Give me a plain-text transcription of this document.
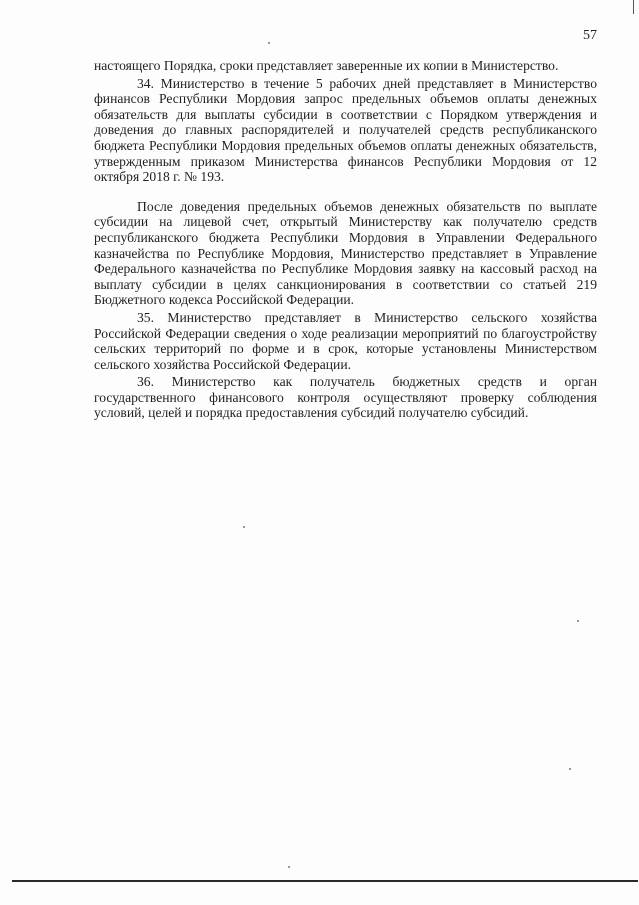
57

настоящего Порядка, сроки представляет заверенные их копии в Министерство.

34. Министерство в течение 5 рабочих дней представляет в Министерство финансов Республики Мордовия запрос предельных объемов оплаты денежных обязательств для выплаты субсидии в соответствии с Порядком утверждения и доведения до главных распорядителей и получателей средств республиканского бюджета Республики Мордовия предельных объемов оплаты денежных обязательств, утвержденным приказом Министерства финансов Республики Мордовия от 12 октября 2018 г. № 193.

После доведения предельных объемов денежных обязательств по выплате субсидии на лицевой счет, открытый Министерству как получателю средств республиканского бюджета Республики Мордовия в Управлении Федерального казначейства по Республике Мордовия, Министерство представляет в Управление Федерального казначейства по Республике Мордовия заявку на кассовый расход на выплату субсидии в целях санкционирования в соответствии со статьей 219 Бюджетного кодекса Российской Федерации.

35. Министерство представляет в Министерство сельского хозяйства Российской Федерации сведения о ходе реализации мероприятий по благоустройству сельских территорий по форме и в срок, которые установлены Министерством сельского хозяйства Российской Федерации.

36. Министерство как получатель бюджетных средств и орган государственного финансового контроля осуществляют проверку соблюдения условий, целей и порядка предоставления субсидий получателю субсидий.
